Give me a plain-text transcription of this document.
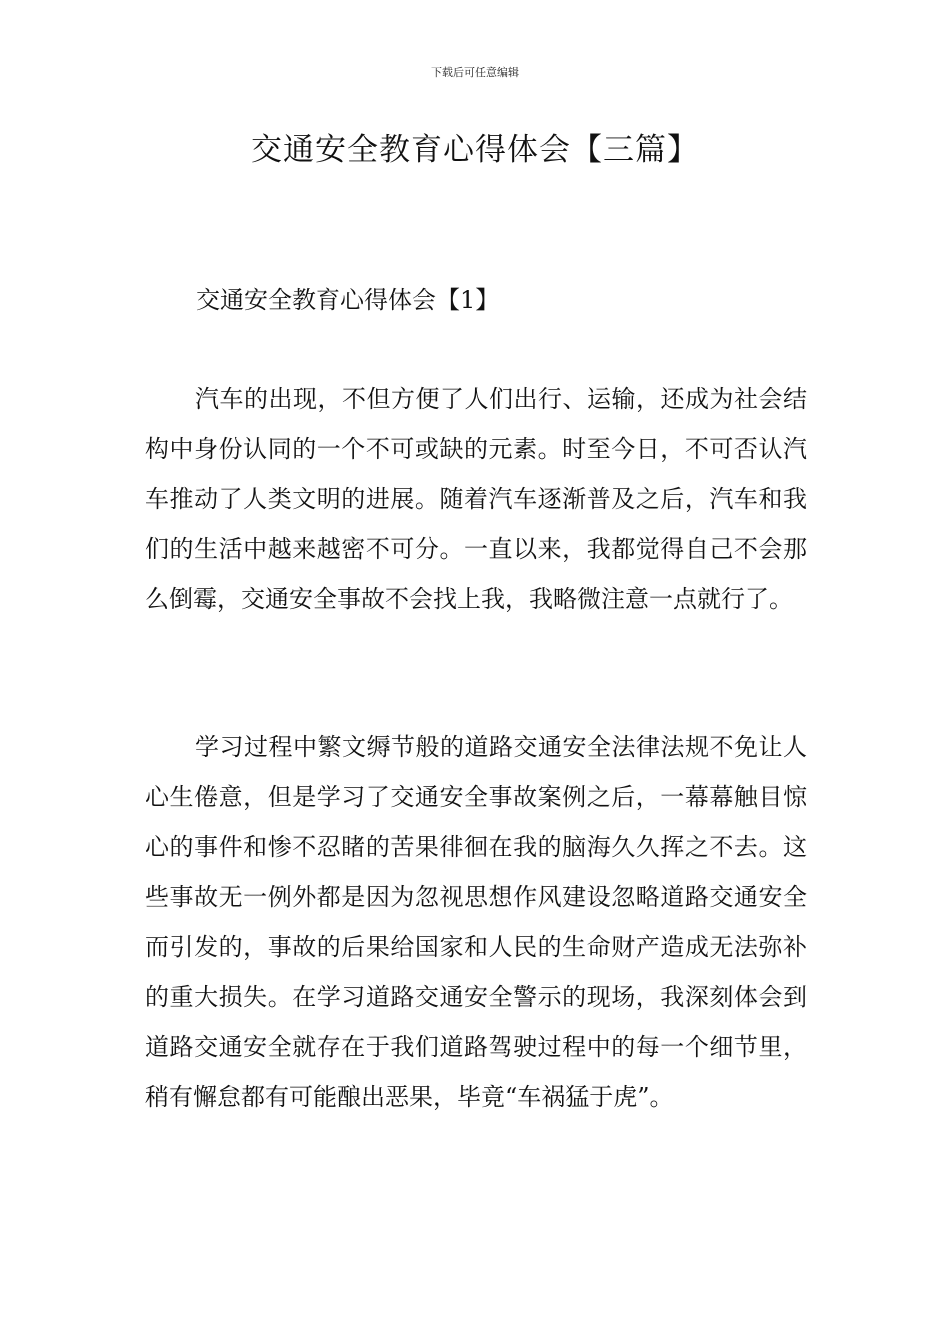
下载后可任意编辑
交通安全教育心得体会【三篇】
交通安全教育心得体会【1】

汽车的出现，不但方便了人们出行、运输，还成为社会结构中身份认同的一个不可或缺的元素。时至今日，不可否认汽车推动了人类文明的进展。随着汽车逐渐普及之后，汽车和我们的生活中越来越密不可分。一直以来，我都觉得自己不会那么倒霉，交通安全事故不会找上我，我略微注意一点就行了。

学习过程中繁文缛节般的道路交通安全法律法规不免让人心生倦意，但是学习了交通安全事故案例之后，一幕幕触目惊心的事件和惨不忍睹的苦果徘徊在我的脑海久久挥之不去。这些事故无一例外都是因为忽视思想作风建设忽略道路交通安全而引发的，事故的后果给国家和人民的生命财产造成无法弥补的重大损失。在学习道路交通安全警示的现场，我深刻体会到道路交通安全就存在于我们道路驾驶过程中的每一个细节里，稍有懈怠都有可能酿出恶果，毕竟“车祸猛于虎”。
